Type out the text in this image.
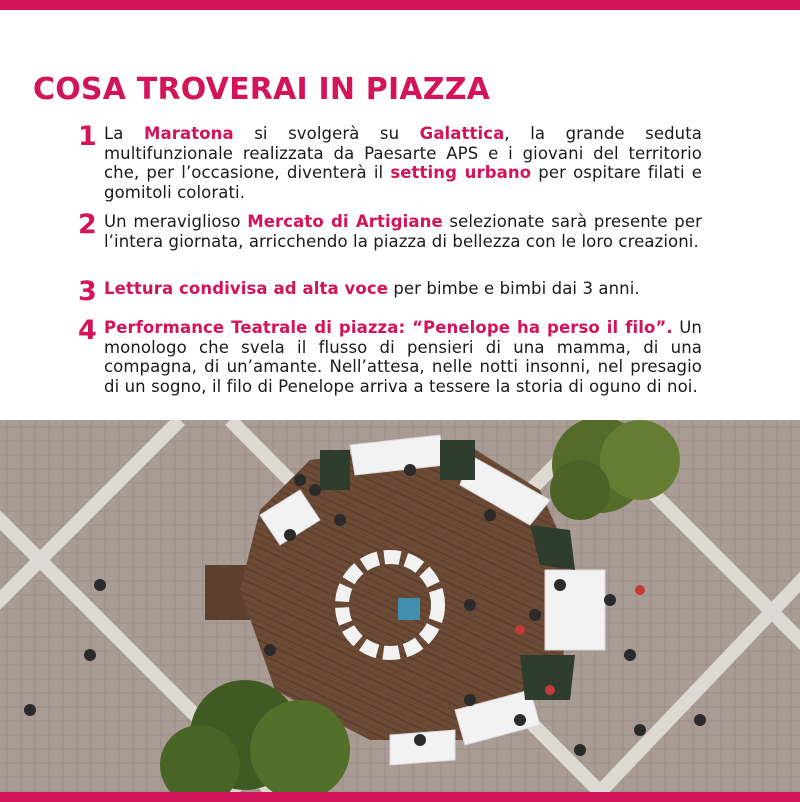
COSA TROVERAI IN PIAZZA
1 La Maratona si svolgerà su Galattica, la grande seduta multifunzionale realizzata da Paesarte APS e i giovani del territorio che, per l’occasione, diventerà il setting urbano per ospitare filati e gomitoli colorati.

2 Un meraviglioso Mercato di Artigiane selezionate sarà presente per l’intera giornata, arricchendo la piazza di bellezza con le loro creazioni.

3 Lettura condivisa ad alta voce per bimbe e bimbi dai 3 anni.

4 Performance Teatrale di piazza: “Penelope ha perso il filo”. Un monologo che svela il flusso di pensieri di una mamma, di una compagna, di un’amante. Nell’attesa, nelle notti insonni, nel presagio di un sogno, il filo di Penelope arriva a tessere la storia di oguno di noi.
